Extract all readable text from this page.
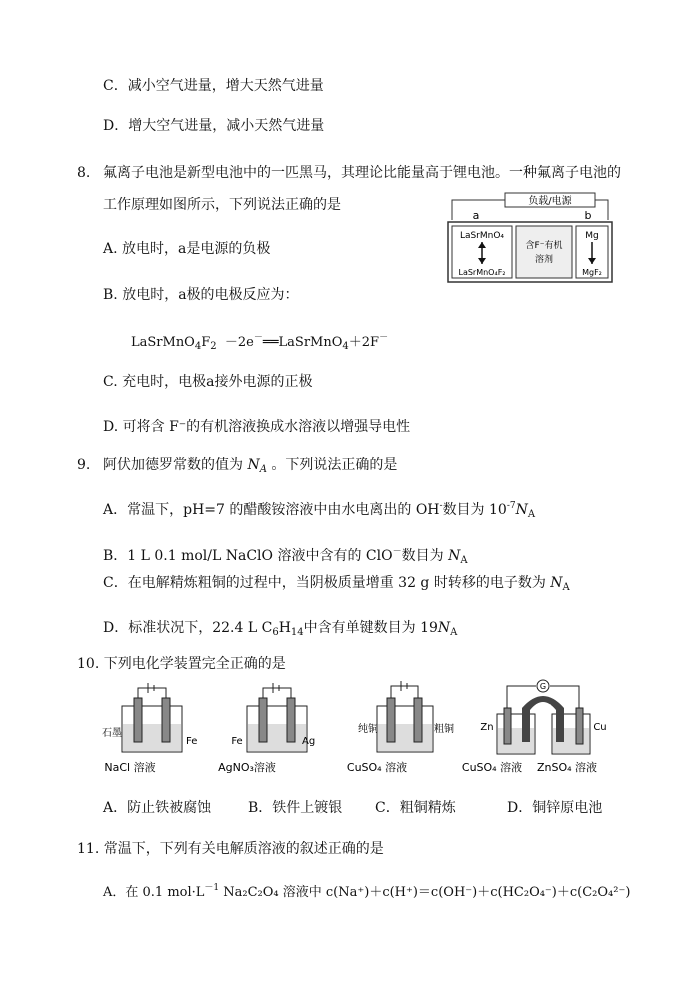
C．减小空气进量，增大天然气进量
D．增大空气进量，减小天然气进量
8. 氟离子电池是新型电池中的一匹黑马，其理论比能量高于锂电池。一种氟离子电池的
工作原理如图所示，下列说法正确的是	负载/电源
a	b
LaSrMnO₄
LaSrMnO₄F₂
含F⁻有机
溶剂
Mg
MgF₂
A. 放电时，a是电源的负极
B. 放电时，a极的电极反应为：
$LaSrMnO_4F_2$  －2e－══LaSrMnO$_4$＋2F－
C. 充电时，电极a接外电源的正极
D. 可将含 F⁻的有机溶液换成水溶液以增强导电性
9. 阿伏加德罗常数的值为 $N_A$ 。下列说法正确的是
A．常温下，pH=7 的醋酸铵溶液中由水电离出的 OH-数目为 $10^{-7}N_A$
B．1 L 0.1 mol/L NaClO 溶液中含有的 ClO－数目为 $N_A$
C．在电解精炼粗铜的过程中，当阴极质量增重 32 g 时转移的电子数为 $N_A$
D．标准状况下，22.4 L $C_6H_{14}$中含有单键数目为 $19N_A$
10. 下列电化学装置完全正确的是
石墨
Fe
NaCl 溶液
Fe	Ag
AgNO₃溶液
纯铜	粗铜
CuSO₄ 溶液
G
盐桥
Zn	Cu
CuSO₄ 溶液 ZnSO₄ 溶液
A．防止铁被腐蚀	B．铁件上镀银 C．粗铜精炼	D．铜锌原电池
11. 常温下，下列有关电解质溶液的叙述正确的是
A．在 0.1 $mol\cdot L^{-1}$ Na₂C₂O₄ 溶液中 c(Na⁺)＋c(H⁺)＝c(OH⁻)＋c(HC₂O₄⁻)＋c(C₂O₄²⁻)
